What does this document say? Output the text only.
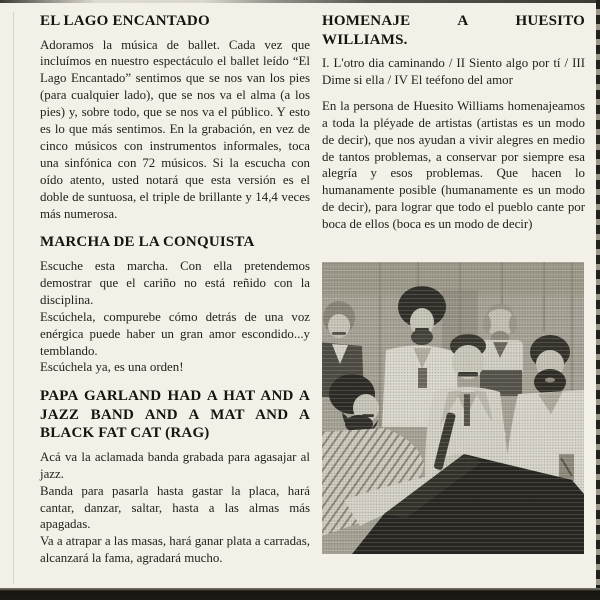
EL LAGO ENCANTADO

Adoramos la música de ballet. Cada vez que incluímos en nuestro espectáculo el ballet leído “El Lago Encantado” sentimos que se nos van los pies (para cualquier lado), que se nos va el alma (a los pies) y, sobre todo, que se nos va el público. Y esto es lo que más sentimos. En la grabación, en vez de cinco músicos con instrumentos informales, toca una sinfónica con 72 músicos. Si la escucha con oído atento, usted notará que esta versión es el doble de suntuosa, el triple de brillante y 14,4 veces más numerosa.

MARCHA DE LA CONQUISTA

Escuche esta marcha. Con ella pretendemos demostrar que el cariño no está reñido con la disciplina.

Escúchela, compurebe cómo detrás de una voz enérgica puede haber un gran amor escondido...y temblando.

Escúchela ya, es una orden!

PAPA GARLAND HAD A HAT AND A JAZZ BAND AND A MAT AND A BLACK FAT CAT (RAG)

Acá va la aclamada banda grabada para agasajar al jazz.

Banda para pasarla hasta gastar la placa, hará cantar, danzar, saltar, hasta a las almas más apagadas.

Va a atrapar a las masas, hará ganar plata a carradas, alcanzará la fama, agradará mucho.

HOMENAJE A HUESITO WILLIAMS.

I. L'otro dia caminando / II Siento algo por tí / III Dime si ella / IV El teéfono del amor

En la persona de Huesito Williams homenajeamos a toda la pléyade de artistas (artistas es un modo de decir), que nos ayudan a vivir alegres en medio de tantos problemas, a conservar por siempre esa alegría y esos problemas. Que hacen lo humanamente posible (humanamente es un modo de decir), para lograr que todo el pueblo cante por boca de ellos (boca es un modo de decir)
